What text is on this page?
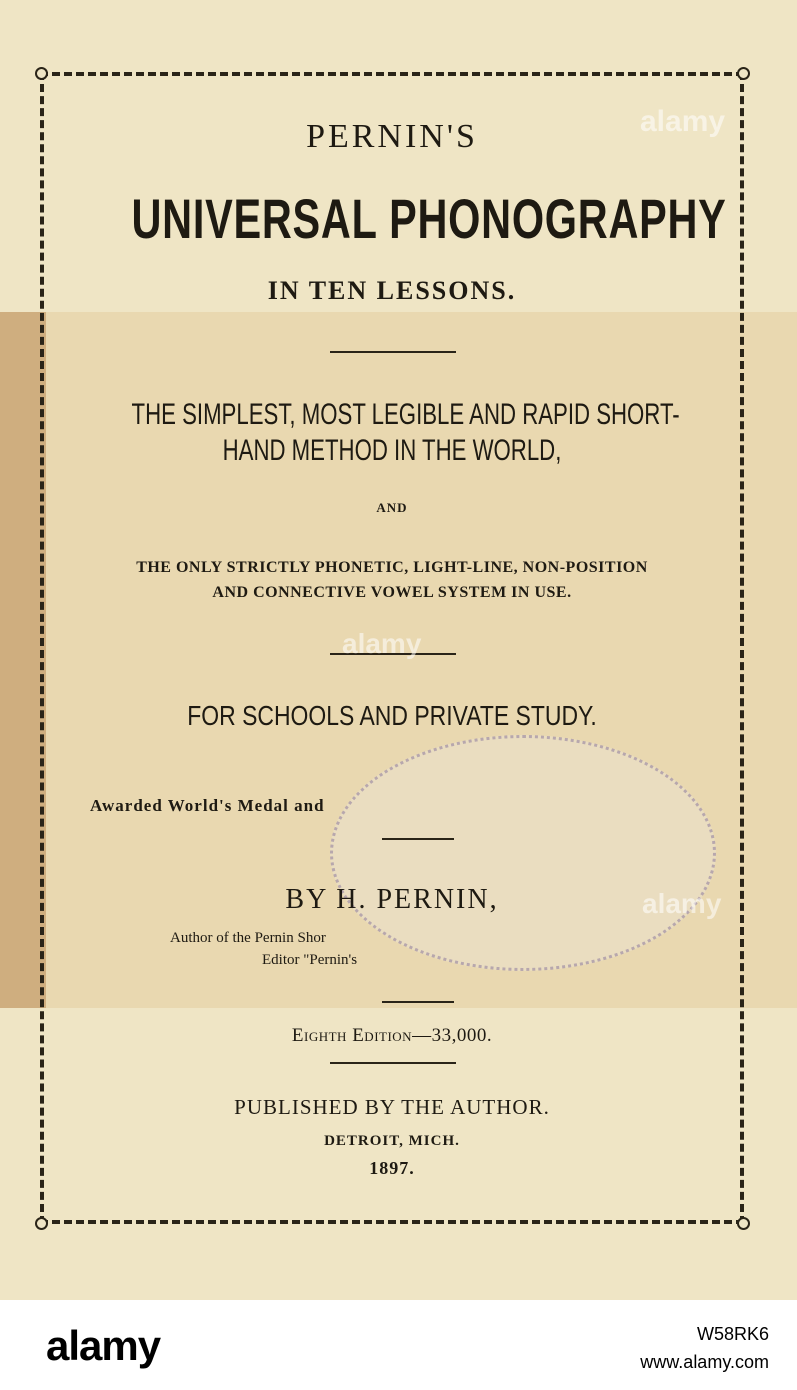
PERNIN'S
UNIVERSAL PHONOGRAPHY
IN TEN LESSONS.
THE SIMPLEST, MOST LEGIBLE AND RAPID SHORT-
HAND METHOD IN THE WORLD,
AND
THE ONLY STRICTLY PHONETIC, LIGHT-LINE, NON-POSITION
AND CONNECTIVE VOWEL SYSTEM IN USE.
FOR SCHOOLS AND PRIVATE STUDY.
Awarded World's Medal and
BY H. PERNIN,
Author of the Pernin Shor
Editor "Pernin's
Eighth Edition—33,000.
PUBLISHED BY THE AUTHOR.
DETROIT, MICH.
1897.
alamy
alamy
alamy
alamy	W58RK6
www.alamy.com
